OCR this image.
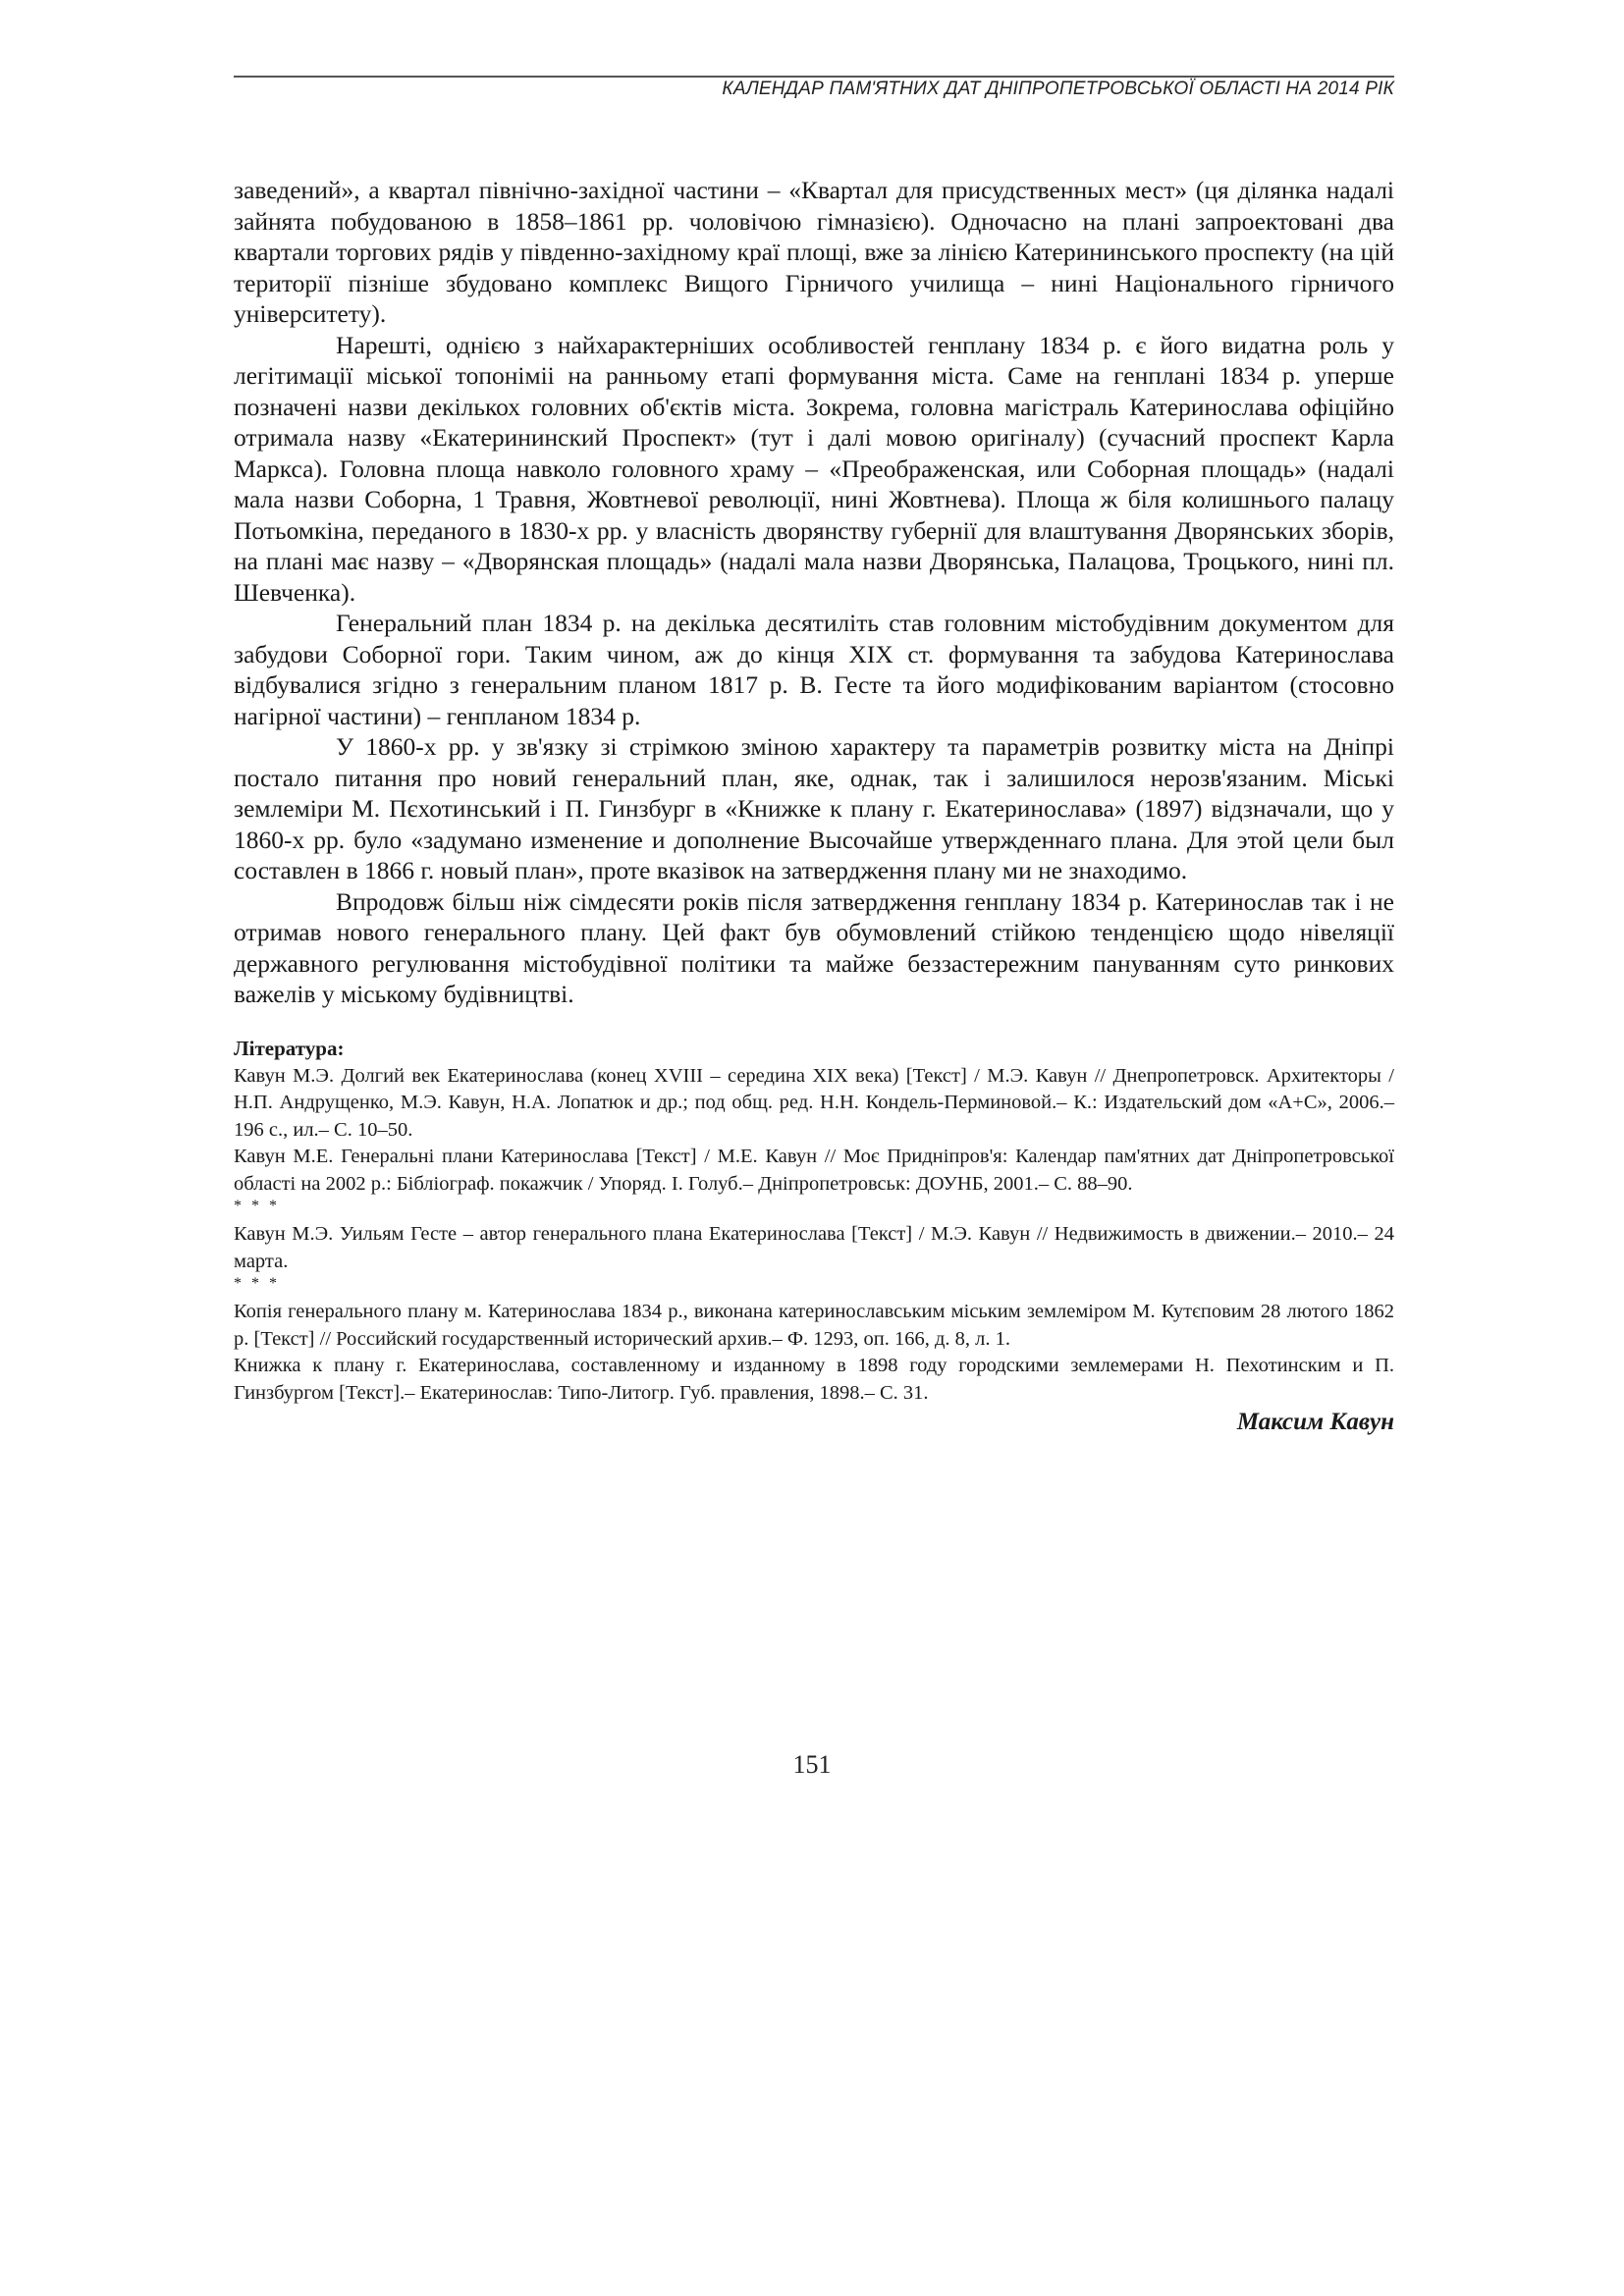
КАЛЕНДАР ПАМ'ЯТНИХ ДАТ ДНІПРОПЕТРОВСЬКОЇ ОБЛАСТІ НА 2014 РІК

заведений», а квартал північно-західної частини – «Квартал для присудственных мест» (ця ділянка надалі зайнята побудованою в 1858–1861 рр. чоловічою гімназією). Одночасно на плані запроектовані два квартали торгових рядів у південно-західному краї площі, вже за лінією Катерининського проспекту (на цій території пізніше збудовано комплекс Вищого Гірничого училища – нині Національного гірничого університету).

Нарешті, однією з найхарактерніших особливостей генплану 1834 р. є його видатна роль у легітимації міської топоніміі на ранньому етапі формування міста. Саме на генплані 1834 р. уперше позначені назви декількох головних об'єктів міста. Зокрема, головна магістраль Катеринослава офіційно отримала назву «Екатерининский Проспект» (тут і далі мовою оригіналу) (сучасний проспект Карла Маркса). Головна площа навколо головного храму – «Преображенская, или Соборная площадь» (надалі мала назви Соборна, 1 Травня, Жовтневої революції, нині Жовтнева). Площа ж біля колишнього палацу Потьомкіна, переданого в 1830-х рр. у власність дворянству губернії для влаштування Дворянських зборів, на плані має назву – «Дворянская площадь» (надалі мала назви Дворянська, Палацова, Троцького, нині пл. Шевченка).

Генеральний план 1834 р. на декілька десятиліть став головним містобудівним документом для забудови Соборної гори. Таким чином, аж до кінця XIX ст. формування та забудова Катеринослава відбувалися згідно з генеральним планом 1817 р. В. Гесте та його модифікованим варіантом (стосовно нагірної частини) – генпланом 1834 р.

У 1860-х рр. у зв'язку зі стрімкою зміною характеру та параметрів розвитку міста на Дніпрі постало питання про новий генеральний план, яке, однак, так і залишилося нерозв'язаним. Міські землеміри М. Пєхотинський і П. Гинзбург в «Книжке к плану г. Екатеринослава» (1897) відзначали, що у 1860-х рр. було «задумано изменение и дополнение Высочайше утвержденнаго плана. Для этой цели был составлен в 1866 г. новый план», проте вказівок на затвердження плану ми не знаходимо.

Впродовж більш ніж сімдесяти років після затвердження генплану 1834 р. Катеринослав так і не отримав нового генерального плану. Цей факт був обумовлений стійкою тенденцією щодо нівеляції державного регулювання містобудівної політики та майже беззастережним пануванням суто ринкових важелів у міському будівництві.

Література:

Кавун М.Э. Долгий век Екатеринослава (конец XVIII – середина XIX века) [Текст] / М.Э. Кавун // Днепропетровск. Архитекторы / Н.П. Андрущенко, М.Э. Кавун, Н.А. Лопатюк и др.; под общ. ред. Н.Н. Кондель-Перминовой.– К.: Издательский дом «А+С», 2006.– 196 с., ил.– С. 10–50.

Кавун М.Е. Генеральні плани Катеринослава [Текст] / М.Е. Кавун // Моє Придніпров'я: Календар пам'ятних дат Дніпропетровської області на 2002 р.: Бібліограф. покажчик / Упоряд. І. Голуб.– Дніпропетровськ: ДОУНБ, 2001.– С. 88–90.

* * *

Кавун М.Э. Уильям Гесте – автор генерального плана Екатеринослава [Текст] / М.Э. Кавун // Недвижимость в движении.– 2010.– 24 марта.

* * *

Копія генерального плану м. Катеринослава 1834 р., виконана катеринославським міським землеміром М. Кутєповим 28 лютого 1862 р. [Текст] // Российский государственный исторический архив.– Ф. 1293, оп. 166, д. 8, л. 1.

Книжка к плану г. Екатеринослава, составленному и изданному в 1898 году городскими землемерами Н. Пехотинским и П. Гинзбургом [Текст].– Екатеринослав: Типо-Литогр. Губ. правления, 1898.– С. 31.

Максим Кавун

151
